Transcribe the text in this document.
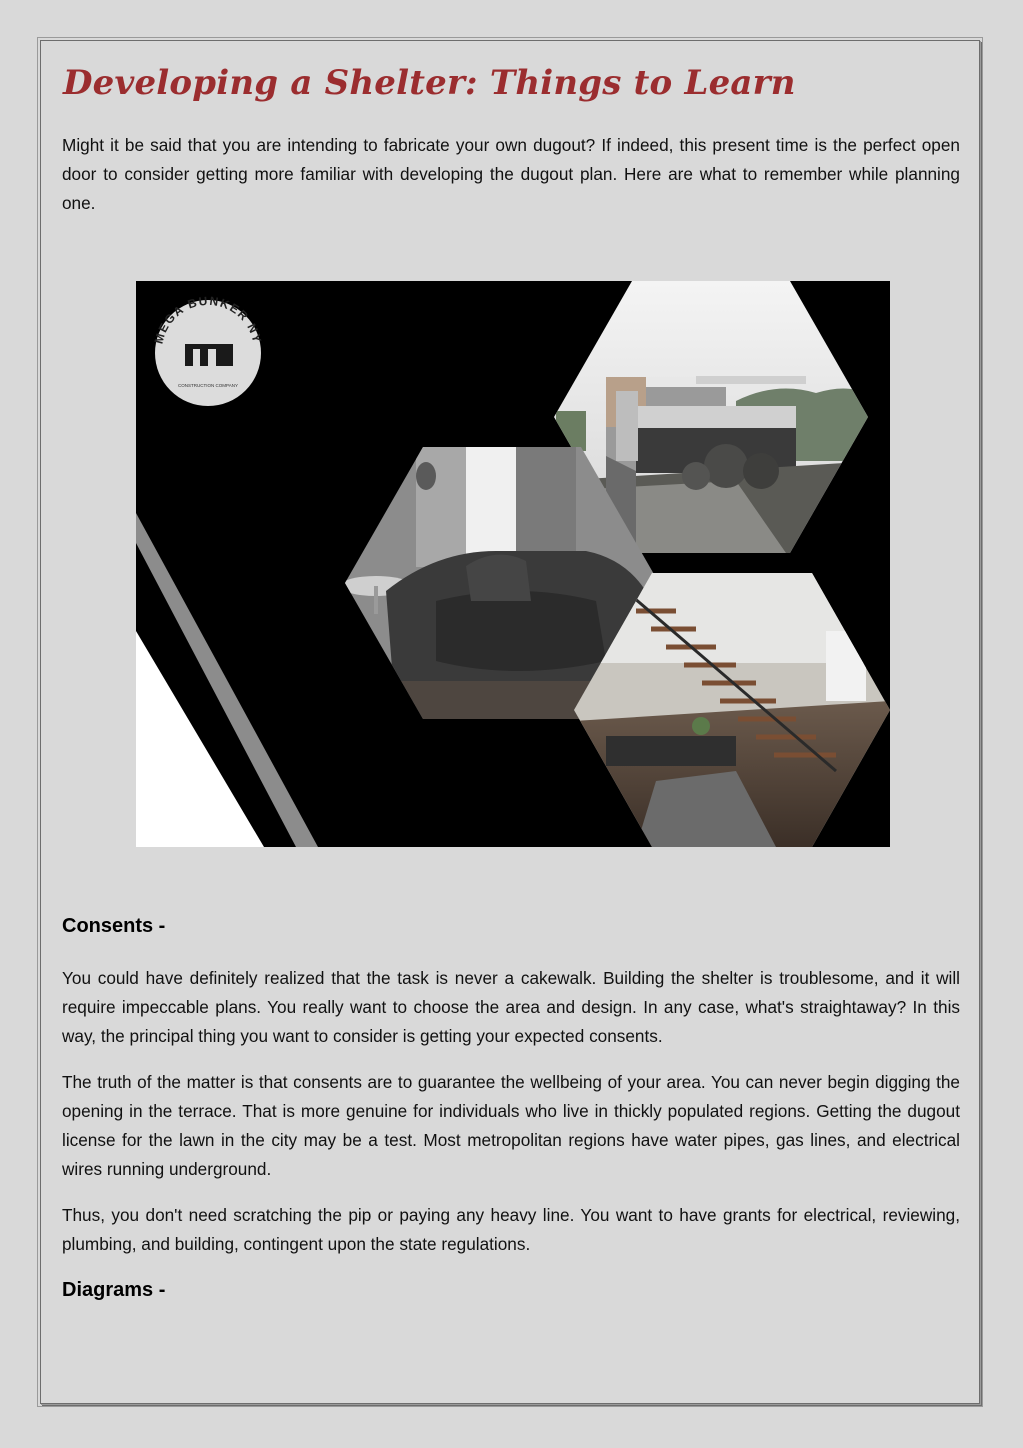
Developing a Shelter: Things to Learn

Might it be said that you are intending to fabricate your own dugout? If indeed, this present time is the perfect open door to consider getting more familiar with developing the dugout plan. Here are what to remember while planning one.

MEGA BUNKER NY
CONSTRUCTION COMPANY
Consents -

You could have definitely realized that the task is never a cakewalk. Building the shelter is troublesome, and it will require impeccable plans. You really want to choose the area and design. In any case, what's straightaway? In this way, the principal thing you want to consider is getting your expected consents.

The truth of the matter is that consents are to guarantee the wellbeing of your area. You can never begin digging the opening in the terrace. That is more genuine for individuals who live in thickly populated regions. Getting the dugout license for the lawn in the city may be a test. Most metropolitan regions have water pipes, gas lines, and electrical wires running underground.

Thus, you don't need scratching the pip or paying any heavy line. You want to have grants for electrical, reviewing, plumbing, and building, contingent upon the state regulations.

Diagrams -
